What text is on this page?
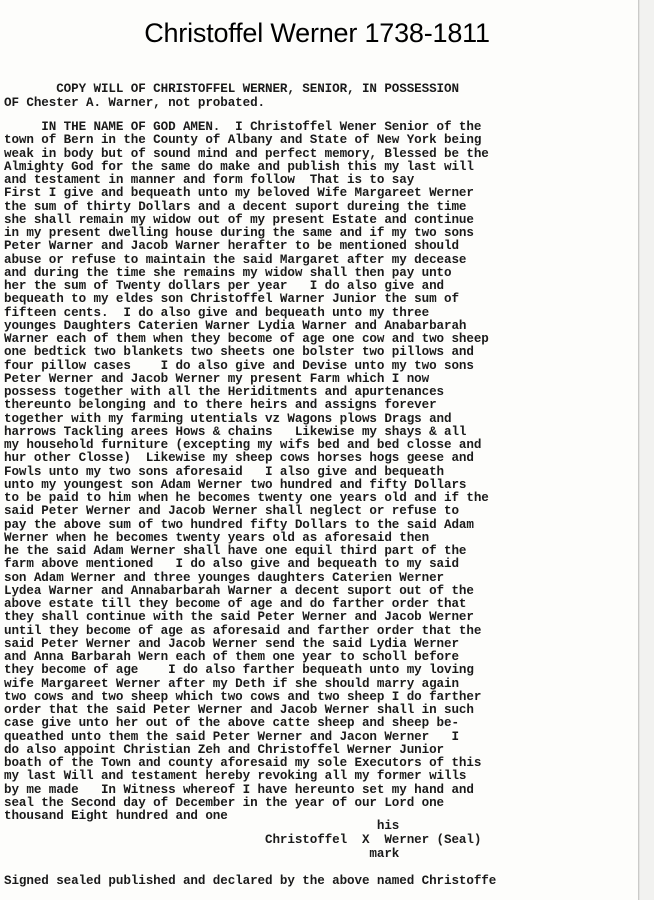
Christoffel Werner 1738-1811
COPY WILL OF CHRISTOFFEL WERNER, SENIOR, IN POSSESSION
OF Chester A. Warner, not probated.
IN THE NAME OF GOD AMEN.  I Christoffel Wener Senior of the
town of Bern in the County of Albany and State of New York being
weak in body but of sound mind and perfect memory, Blessed be the
Almighty God for the same do make and publish this my last will
and testament in manner and form follow  That is to say
First I give and bequeath unto my beloved Wife Margareet Werner
the sum of thirty Dollars and a decent suport dureing the time
she shall remain my widow out of my present Estate and continue
in my present dwelling house during the same and if my two sons
Peter Warner and Jacob Warner herafter to be mentioned should
abuse or refuse to maintain the said Margaret after my decease
and during the time she remains my widow shall then pay unto
her the sum of Twenty dollars per year   I do also give and
bequeath to my eldes son Christoffel Warner Junior the sum of
fifteen cents.  I do also give and bequeath unto my three
younges Daughters Caterien Warner Lydia Warner and Anabarbarah
Warner each of them when they become of age one cow and two sheep
one bedtick two blankets two sheets one bolster two pillows and
four pillow cases    I do also give and Devise unto my two sons
Peter Werner and Jacob Werner my present Farm which I now
possess together with all the Heriditments and apurtenances
thereunto belonging and to there heirs and assigns forever
together with my farming utentials vz Wagons plows Drags and
harrows Tackling arees Hows & chains   Likewise my shays & all
my household furniture (excepting my wifs bed and bed closse and
hur other Closse)  Likewise my sheep cows horses hogs geese and
Fowls unto my two sons aforesaid   I also give and bequeath
unto my youngest son Adam Werner two hundred and fifty Dollars
to be paid to him when he becomes twenty one years old and if the
said Peter Werner and Jacob Werner shall neglect or refuse to
pay the above sum of two hundred fifty Dollars to the said Adam
Werner when he becomes twenty years old as aforesaid then
he the said Adam Werner shall have one equil third part of the
farm above mentioned   I do also give and bequeath to my said
son Adam Werner and three younges daughters Caterien Werner
Lydea Warner and Annabarbarah Warner a decent suport out of the
above estate till they become of age and do farther order that
they shall continue with the said Peter Werner and Jacob Werner
until they become of age as aforesaid and farther order that the
said Peter Werner and Jacob Werner send the said Lydia Werner
and Anna Barbarah Wern each of them one year to scholl before
they become of age    I do also farther bequeath unto my loving
wife Margareet Werner after my Deth if she should marry again
two cows and two sheep which two cows and two sheep I do farther
order that the said Peter Werner and Jacob Werner shall in such
case give unto her out of the above catte sheep and sheep be-
queathed unto them the said Peter Werner and Jacon Werner   I
do also appoint Christian Zeh and Christoffel Werner Junior
boath of the Town and county aforesaid my sole Executors of this
my last Will and testament hereby revoking all my former wills
by me made   In Witness whereof I have hereunto set my hand and
seal the Second day of December in the year of our Lord one
thousand Eight hundred and one
his
Christoffel  X  Werner (Seal)
mark
Signed sealed published and declared by the above named Christoffe
